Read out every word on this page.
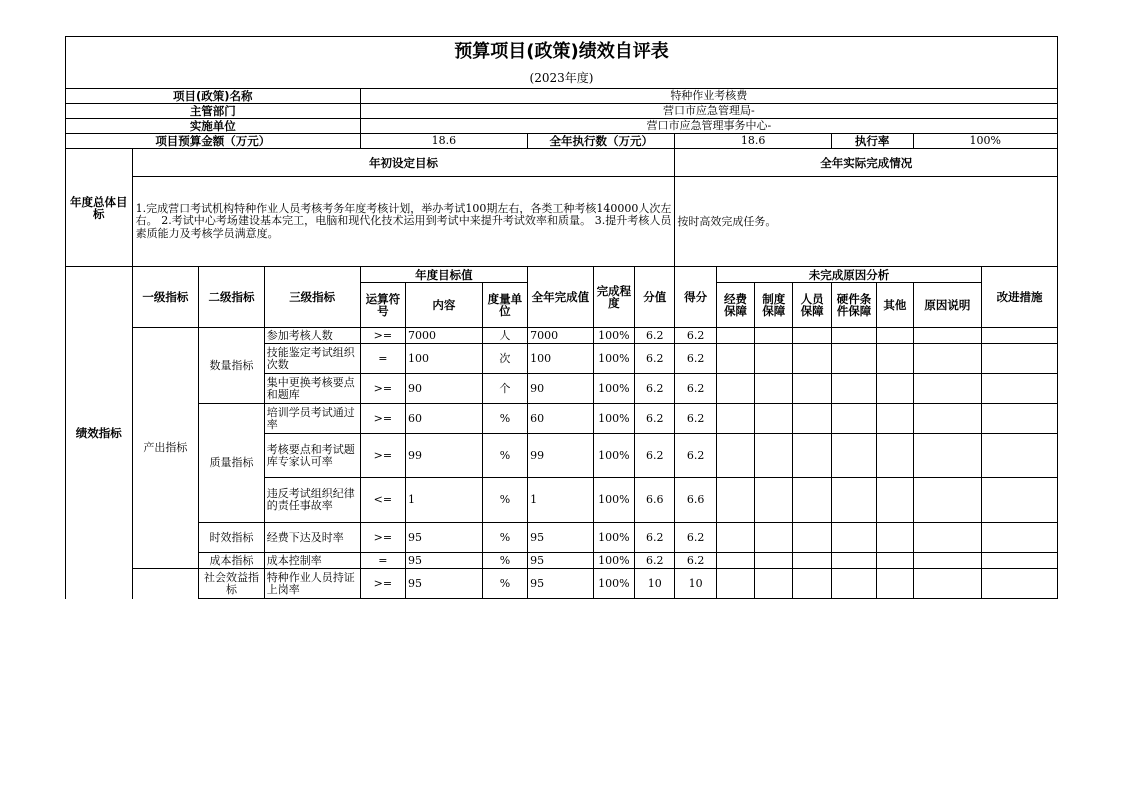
预算项目(政策)绩效自评表																	
(2023年度)																	
项目(政策)名称				特种作业考核费													
主管部门				营口市应急管理局-													
实施单位				营口市应急管理事务中心-													
项目预算金额（万元）				18.6			全年执行数（万元）			18.6				执行率		100%	
年度总体目标	年初设定目标									全年实际完成情况							
	1.完成营口考试机构特种作业人员考核考务年度考核计划，举办考试100期左右，各类工种考核140000人次左右。 2.考试中心考场建设基本完工，电脑和现代化技术运用到考试中来提升考试效率和质量。 3.提升考核人员素质能力及考核学员满意度。									按时高效完成任务。							
绩效指标	一级指标	二级指标	三级指标	年度目标值			全年完成值	完成程度	分值	得分	未完成原因分析						改进措施
				运算符号	内容	度量单位					经费保障	制度保障	人员保障	硬件条件保障	其他	原因说明	
	产出指标	数量指标	参加考核人数	>=	7000	人	7000	100%	6.2	6.2							
			技能鉴定考试组织次数	=	100	次	100	100%	6.2	6.2							
			集中更换考核要点和题库	>=	90	个	90	100%	6.2	6.2							
		质量指标	培训学员考试通过率	>=	60	%	60	100%	6.2	6.2							
			考核要点和考试题库专家认可率	>=	99	%	99	100%	6.2	6.2							
			违反考试组织纪律的责任事故率	<=	1	%	1	100%	6.6	6.6							
		时效指标	经费下达及时率	>=	95	%	95	100%	6.2	6.2							
		成本指标	成本控制率	=	95	%	95	100%	6.2	6.2							
		社会效益指标	特种作业人员持证上岗率	>=	95	%	95	100%	10	10							
